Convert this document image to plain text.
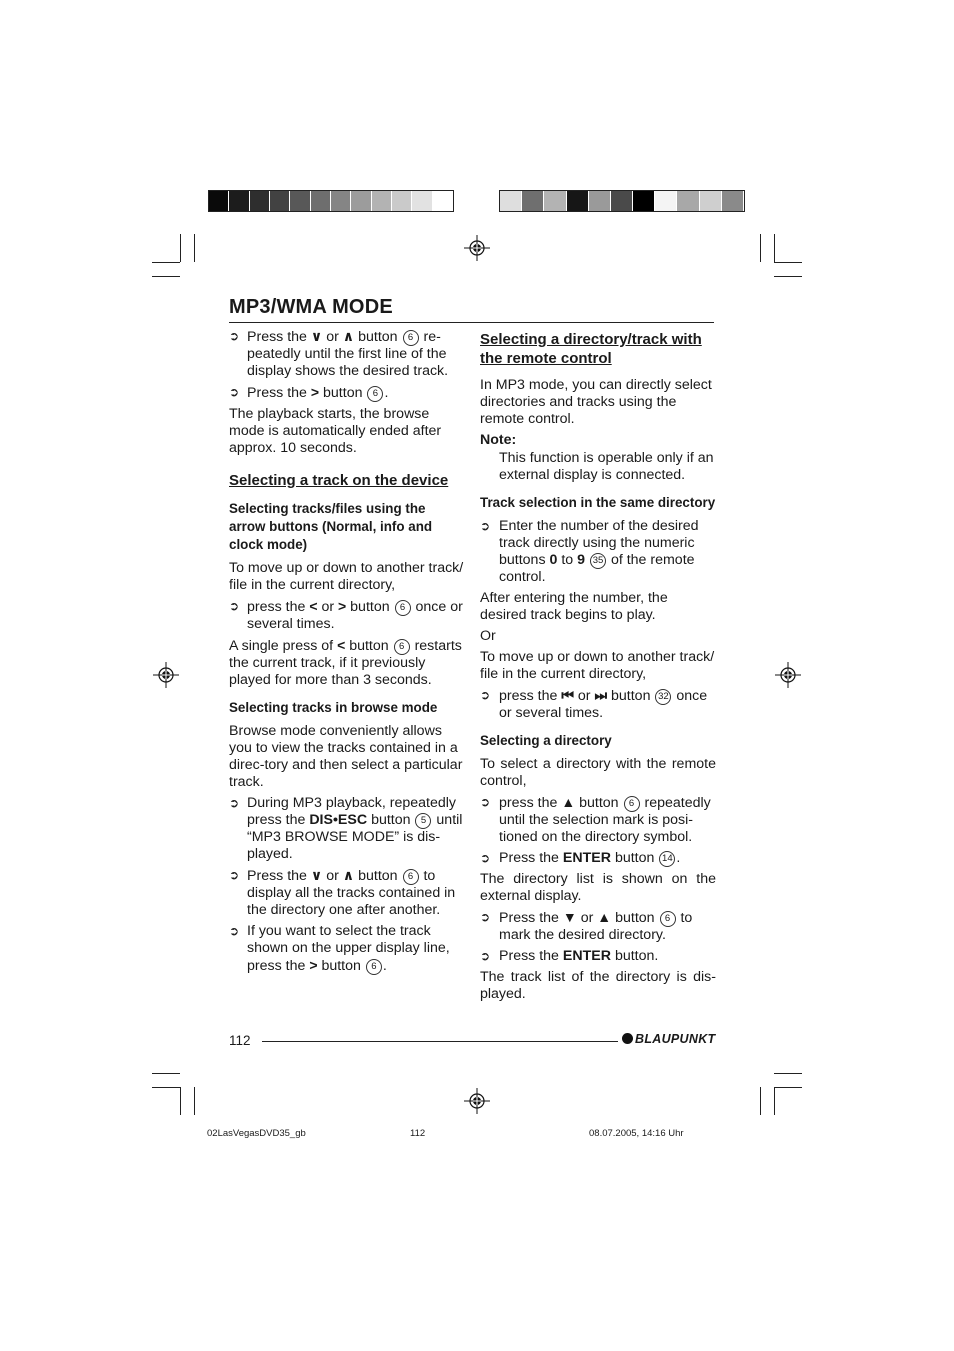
MP3/WMA MODE
➲ Press the ∨ or ∧ button 6 re-peatedly until the first line of the display shows the desired track.
➲ Press the > button 6 .

The playback starts, the browse mode is automatically ended after approx. 10 seconds.

Selecting a track on the device
Selecting tracks/files using the arrow buttons (Normal, info and clock mode)

To move up or down to another track/ file in the current directory,

➲ press the < or > button 6 once or several times.

A single press of < button 6 restarts the current track, if it previously played for more than 3 seconds.

Selecting tracks in browse mode

Browse mode conveniently allows you to view the tracks contained in a direc-tory and then select a particular track.

➲ During MP3 playback, repeatedly press the DIS•ESC button 5 until “MP3 BROWSE MODE” is dis-played.
➲ Press the ∨ or ∧ button 6 to display all the tracks contained in the directory one after another.
➲ If you want to select the track shown on the upper display line, press the > button 6 .
Selecting a directory/track with the remote control

In MP3 mode, you can directly select directories and tracks using the remote control.

Note:
This function is operable only if an external display is connected.
Track selection in the same directory
➲ Enter the number of the desired track directly using the numeric buttons 0 to 9 35 of the remote control.

After entering the number, the desired track begins to play.

Or

To move up or down to another track/ file in the current directory,

➲ press the ⏮ or ⏭ button 32 once or several times.
Selecting a directory

To select a directory with the remote control,

➲ press the ▲ button 6 repeatedly until the selection mark is posi-tioned on the directory symbol.
➲ Press the ENTER button 14 .

The directory list is shown on the external display.

➲ Press the ▼ or ▲ button 6 to mark the desired directory.
➲ Press the ENTER button.

The track list of the directory is dis-played.

112	BLAUPUNKT
02LasVegasDVD35_gb	112	08.07.2005, 14:16 Uhr
